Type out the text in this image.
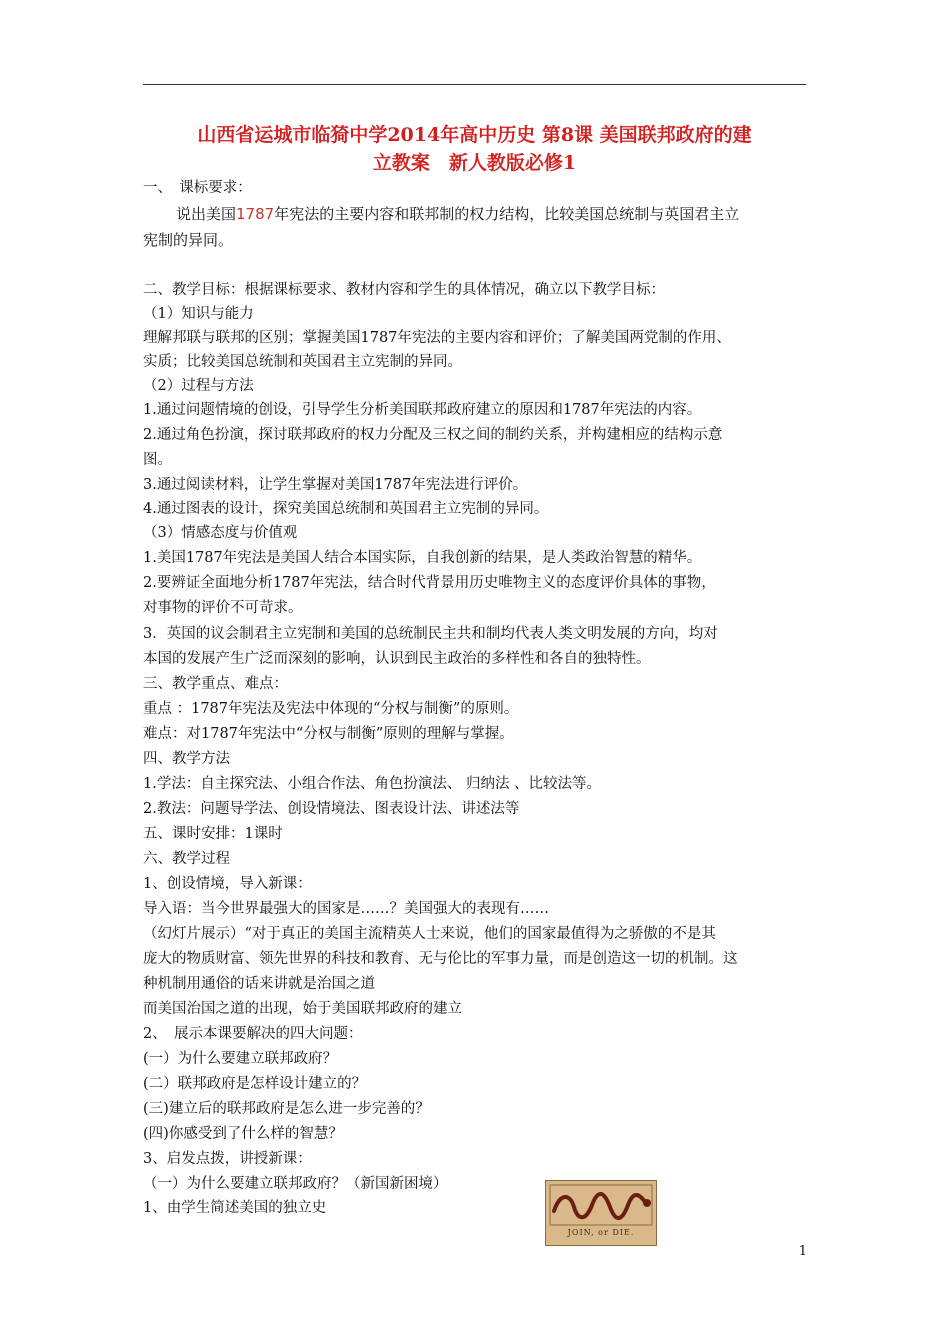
山西省运城市临猗中学2014年高中历史 第8课 美国联邦政府的建
立教案　新人教版必修1
一、　课标要求：
说出美国1787年宪法的主要内容和联邦制的权力结构，比较美国总统制与英国君主立
宪制的异同。
二、教学目标：根据课标要求、教材内容和学生的具体情况，确立以下教学目标：
（1）知识与能力
理解邦联与联邦的区别；掌握美国1787年宪法的主要内容和评价；了解美国两党制的作用、
实质；比较美国总统制和英国君主立宪制的异同。
（2）过程与方法
1.通过问题情境的创设，引导学生分析美国联邦政府建立的原因和1787年宪法的内容。
2.通过角色扮演，探讨联邦政府的权力分配及三权之间的制约关系，并构建相应的结构示意
图。
3.通过阅读材料，让学生掌握对美国1787年宪法进行评价。
4.通过图表的设计，探究美国总统制和英国君主立宪制的异同。
（3）情感态度与价值观
1.美国1787年宪法是美国人结合本国实际，自我创新的结果，是人类政治智慧的精华。
2.要辨证全面地分析1787年宪法，结合时代背景用历史唯物主义的态度评价具体的事物，
对事物的评价不可苛求。
3．英国的议会制君主立宪制和美国的总统制民主共和制均代表人类文明发展的方向，均对
本国的发展产生广泛而深刻的影响，认识到民主政治的多样性和各自的独特性。
三、教学重点、难点：
重点 ：1787年宪法及宪法中体现的“分权与制衡”的原则。
难点：对1787年宪法中“分权与制衡”原则的理解与掌握。
四、教学方法
1.学法：自主探究法、小组合作法、角色扮演法、 归纳法 、比较法等。
2.教法：问题导学法、创设情境法、图表设计法、讲述法等
五、课时安排：1课时
六、教学过程
1、创设情境，导入新课：
导入语：当今世界最强大的国家是……？美国强大的表现有……
（幻灯片展示）“对于真正的美国主流精英人士来说，他们的国家最值得为之骄傲的不是其
庞大的物质财富、领先世界的科技和教育、无与伦比的军事力量，而是创造这一切的机制。这
种机制用通俗的话来讲就是治国之道
而美国治国之道的出现，始于美国联邦政府的建立
2、　展示本课要解决的四大问题：
(一）为什么要建立联邦政府？
(二）联邦政府是怎样设计建立的？
(三)建立后的联邦政府是怎么进一步完善的？
(四)你感受到了什么样的智慧？
3、启发点拨，讲授新课：
（一）为什么要建立联邦政府？（新国新困境）
1、由学生简述美国的独立史
JOIN, or DIE.
1
